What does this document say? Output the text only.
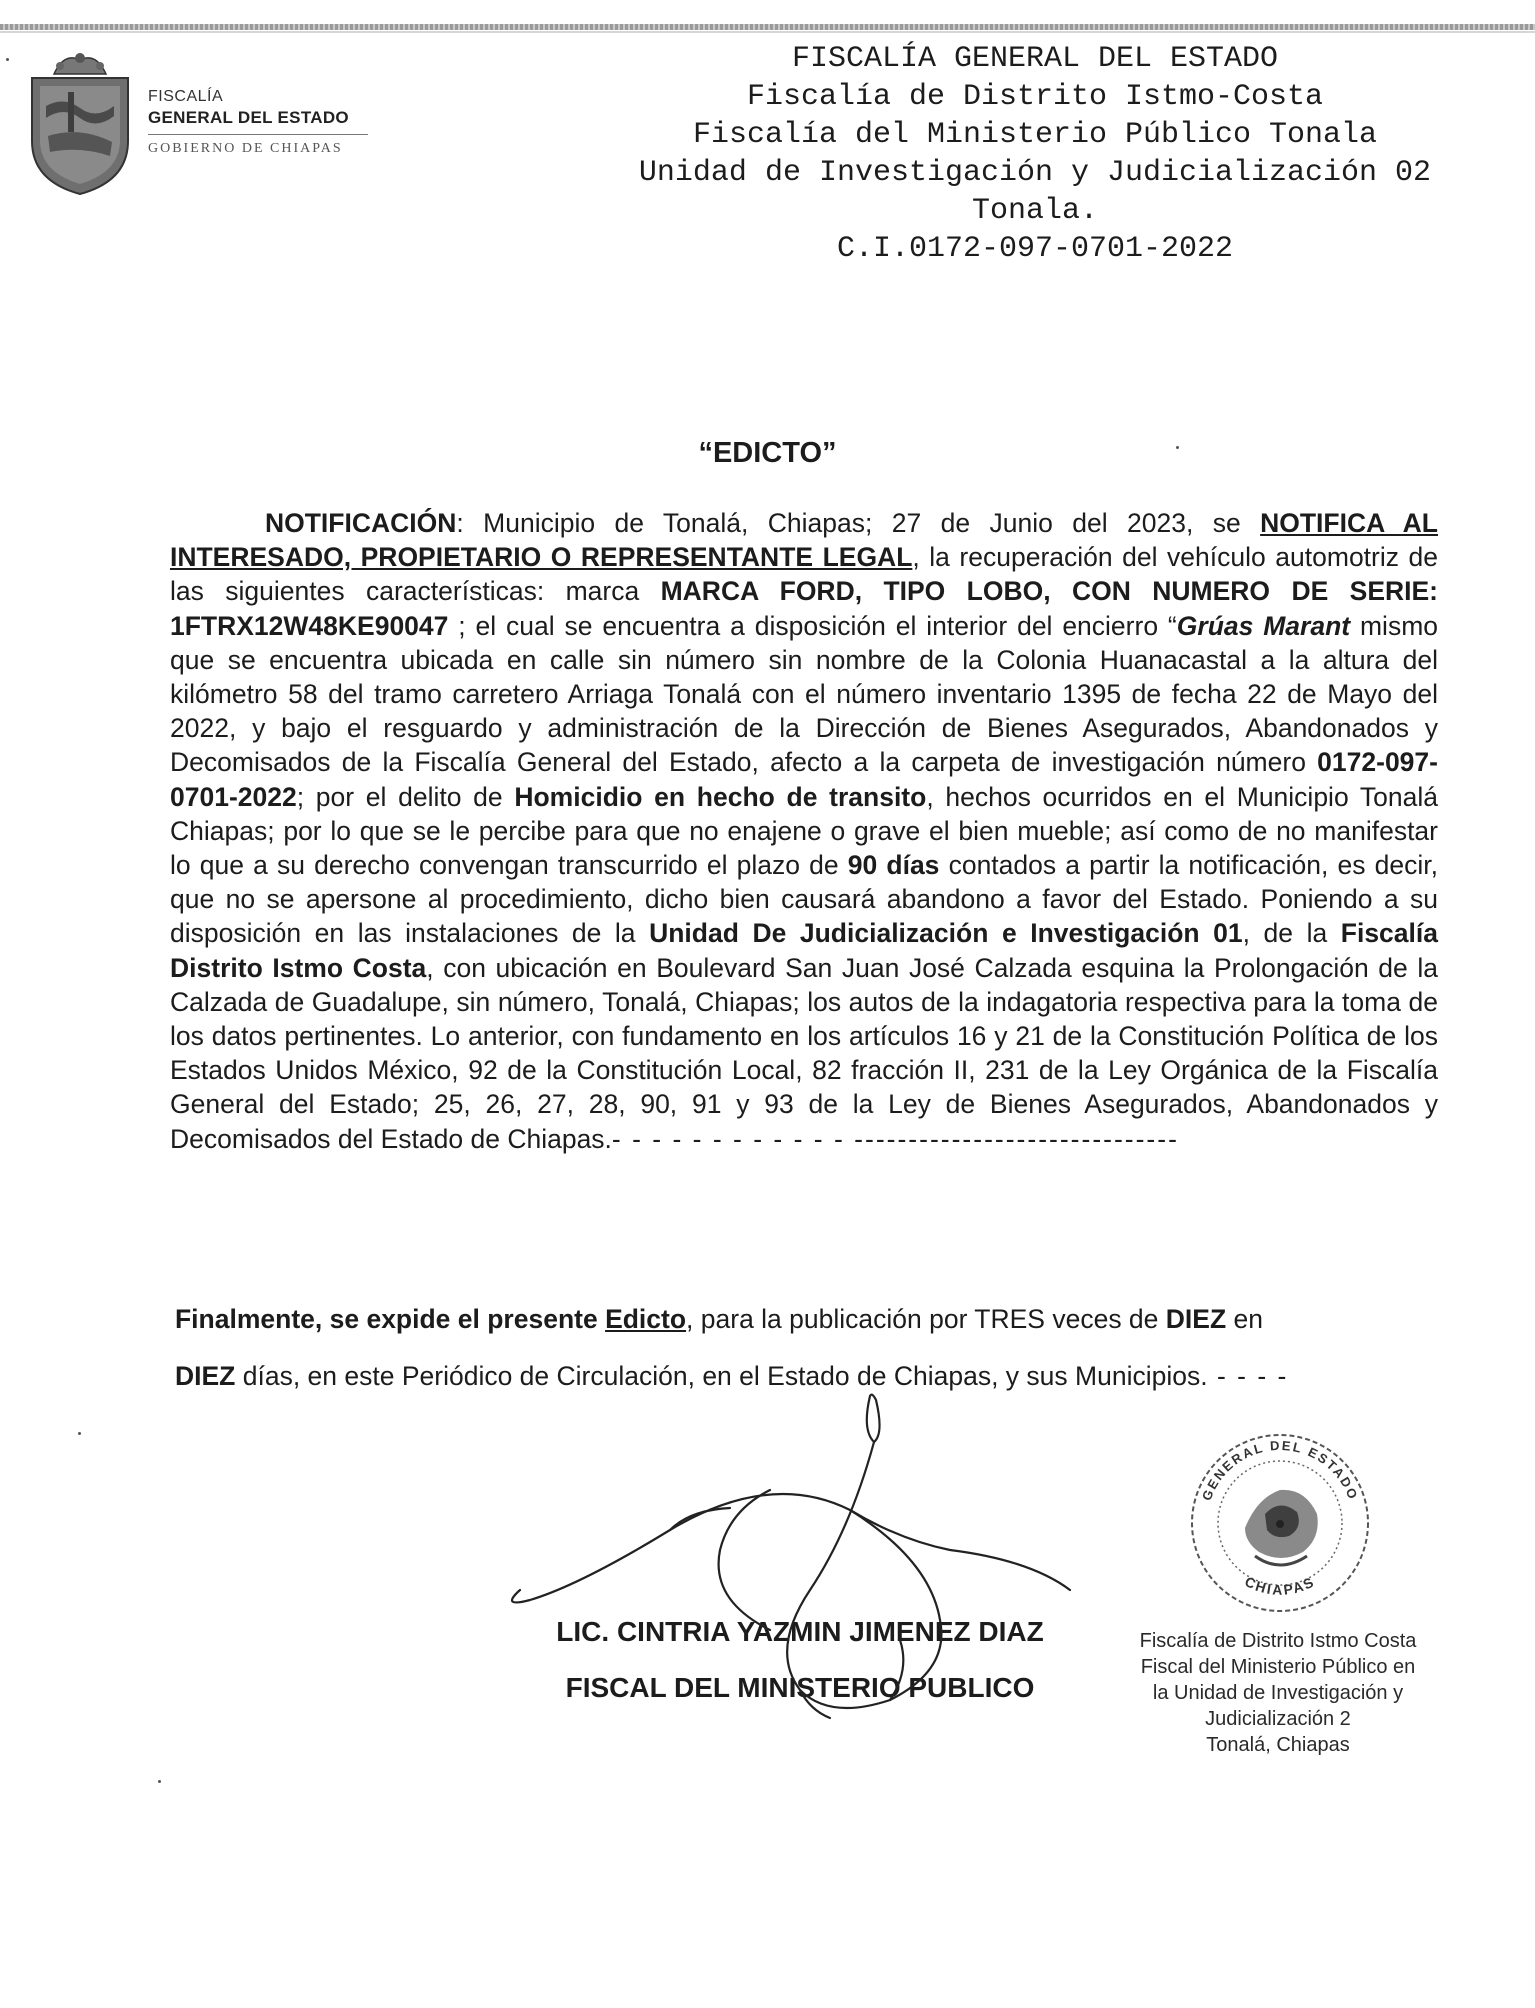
FISCALÍA
GENERAL DEL ESTADO
GOBIERNO DE CHIAPAS
FISCALÍA GENERAL DEL ESTADO
Fiscalía de Distrito Istmo-Costa
Fiscalía del Ministerio Público Tonala
Unidad de Investigación y Judicialización 02
Tonala.
C.I.0172-097-0701-2022
“EDICTO”
NOTIFICACIÓN: Municipio de Tonalá, Chiapas; 27 de Junio del 2023, se NOTIFICA AL INTERESADO, PROPIETARIO O REPRESENTANTE LEGAL, la recuperación del vehículo automotriz de las siguientes características: marca MARCA FORD, TIPO LOBO, CON NUMERO DE SERIE: 1FTRX12W48KE90047 ; el cual se encuentra a disposición el interior del encierro “Grúas Marant mismo que se encuentra ubicada en calle sin número sin nombre de la Colonia Huanacastal a la altura del kilómetro 58 del tramo carretero Arriaga Tonalá con el número inventario 1395 de fecha 22 de Mayo del 2022, y bajo el resguardo y administración de la Dirección de Bienes Asegurados, Abandonados y Decomisados de la Fiscalía General del Estado, afecto a la carpeta de investigación número 0172-097-0701-2022; por el delito de Homicidio en hecho de transito, hechos ocurridos en el Municipio Tonalá Chiapas; por lo que se le percibe para que no enajene o grave el bien mueble; así como de no manifestar lo que a su derecho convengan transcurrido el plazo de 90 días contados a partir la notificación, es decir, que no se apersone al procedimiento, dicho bien causará abandono a favor del Estado. Poniendo a su disposición en las instalaciones de la Unidad De Judicialización e Investigación 01, de la Fiscalía Distrito Istmo Costa, con ubicación en Boulevard San Juan José Calzada esquina la Prolongación de la Calzada de Guadalupe, sin número, Tonalá, Chiapas; los autos de la indagatoria respectiva para la toma de los datos pertinentes. Lo anterior, con fundamento en los artículos 16 y 21 de la Constitución Política de los Estados Unidos México, 92 de la Constitución Local, 82 fracción II, 231 de la Ley Orgánica de la Fiscalía General del Estado; 25, 26, 27, 28, 90, 91 y 93 de la Ley de Bienes Asegurados, Abandonados y Decomisados del Estado de Chiapas.- - - - - - - - - - - - ------------------------------
Finalmente, se expide el presente Edicto, para la publicación por TRES veces de DIEZ en
DIEZ días, en este Periódico de Circulación, en el Estado de Chiapas, y sus Municipios. - - - -
LIC. CINTRIA YAZMIN JIMENEZ DIAZ
FISCAL DEL MINISTERIO PUBLICO
GENERAL DEL ESTADO
CHIAPAS
Fiscalía de Distrito Istmo Costa
Fiscal del Ministerio Público en
la Unidad de Investigación y
Judicialización 2
Tonalá, Chiapas
